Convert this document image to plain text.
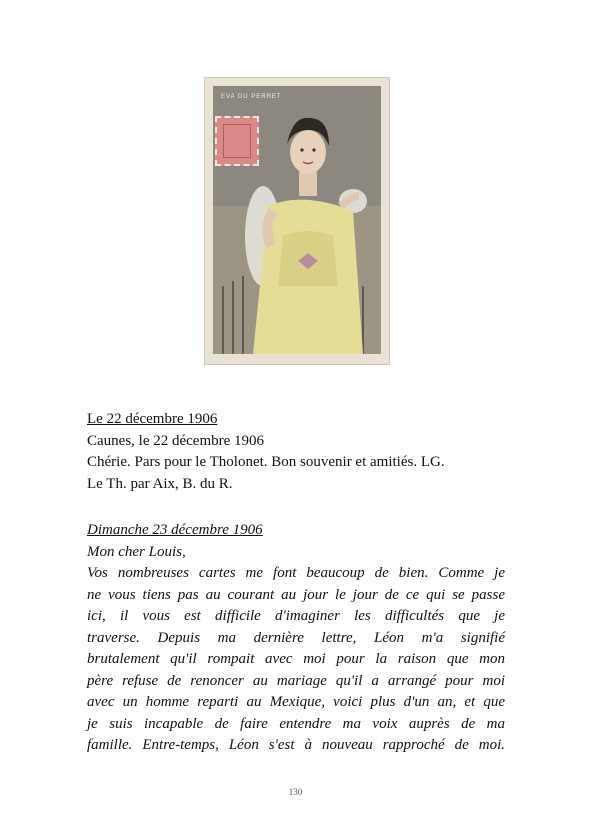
EVA DU PERRET
Le 22 décembre 1906
Caunes, le 22 décembre 1906
Chérie. Pars pour le Tholonet. Bon souvenir et amitiés. LG.
Le Th. par Aix, B. du R.
Dimanche 23 décembre 1906
Mon cher Louis,
Vos nombreuses cartes me font beaucoup de bien. Comme je
ne vous tiens pas au courant au jour le jour de ce qui se passe
ici, il vous est difficile d'imaginer les difficultés que je
traverse. Depuis ma dernière lettre, Léon m'a signifié
brutalement qu'il rompait avec moi pour la raison que mon
père refuse de renoncer au mariage qu'il a arrangé pour moi
avec un homme reparti au Mexique, voici plus d'un an, et que
je suis incapable de faire entendre ma voix auprès de ma
famille. Entre-temps, Léon s'est à nouveau rapproché de moi.
130
